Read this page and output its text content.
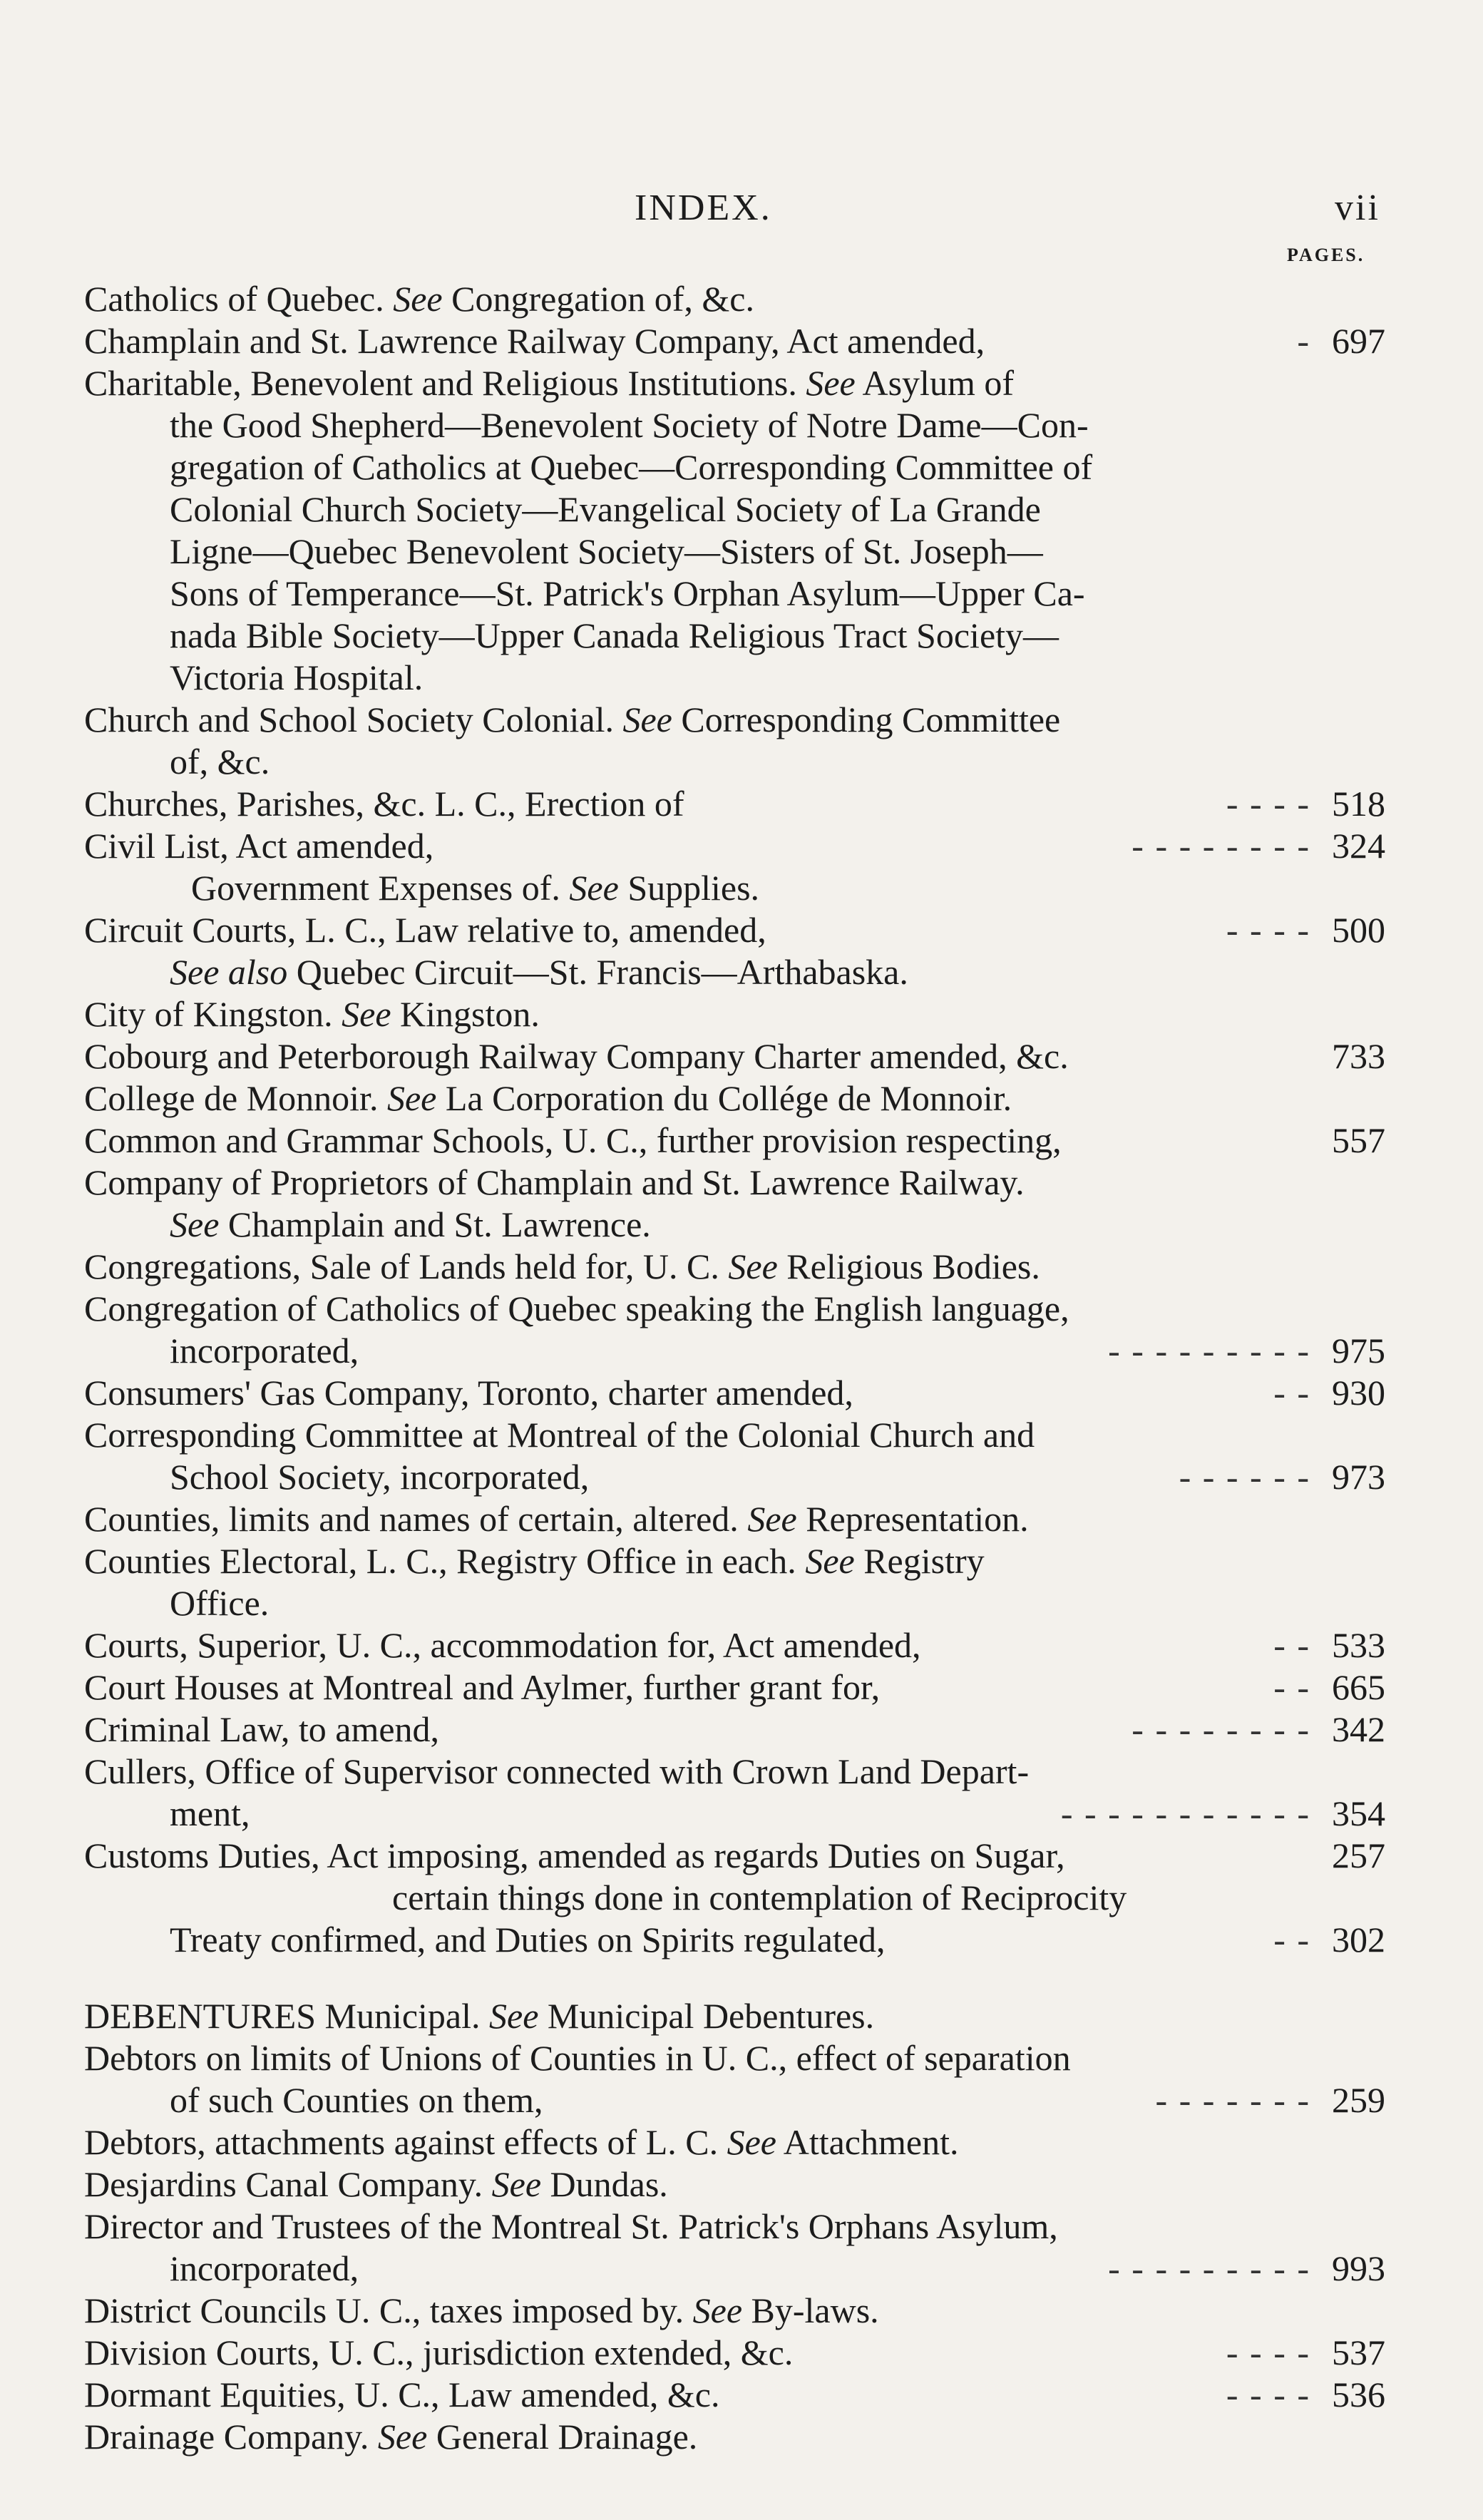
INDEX.	vii
PAGES.
Catholics of Quebec. See Congregation of, &c.
Champlain and St. Lawrence Railway Company, Act amended,	- 697
Charitable, Benevolent and Religious Institutions. See Asylum of
the Good Shepherd—Benevolent Society of Notre Dame—Con-
gregation of Catholics at Quebec—Corresponding Committee of
Colonial Church Society—Evangelical Society of La Grande
Ligne—Quebec Benevolent Society—Sisters of St. Joseph—
Sons of Temperance—St. Patrick's Orphan Asylum—Upper Ca-
nada Bible Society—Upper Canada Religious Tract Society—
Victoria Hospital.
Church and School Society Colonial. See Corresponding Committee
of, &c.
Churches, Parishes, &c. L. C., Erection of	- - - - 518
Civil List, Act amended,	- - - - - - - - 324
Government Expenses of. See Supplies.
Circuit Courts, L. C., Law relative to, amended,	- - - - 500
See also Quebec Circuit—St. Francis—Arthabaska.
City of Kingston. See Kingston.
Cobourg and Peterborough Railway Company Charter amended, &c.	733
College de Monnoir. See La Corporation du Collége de Monnoir.
Common and Grammar Schools, U. C., further provision respecting,	557
Company of Proprietors of Champlain and St. Lawrence Railway.
See Champlain and St. Lawrence.
Congregations, Sale of Lands held for, U. C. See Religious Bodies.
Congregation of Catholics of Quebec speaking the English language,
incorporated,	- - - - - - - - - 975
Consumers' Gas Company, Toronto, charter amended,	- - 930
Corresponding Committee at Montreal of the Colonial Church and
School Society, incorporated,	- - - - - - 973
Counties, limits and names of certain, altered. See Representation.
Counties Electoral, L. C., Registry Office in each. See Registry
Office.
Courts, Superior, U. C., accommodation for, Act amended,	- - 533
Court Houses at Montreal and Aylmer, further grant for,	- - 665
Criminal Law, to amend,	- - - - - - - - 342
Cullers, Office of Supervisor connected with Crown Land Depart-
ment,	- - - - - - - - - - - 354
Customs Duties, Act imposing, amended as regards Duties on Sugar,	257
certain things done in contemplation of Reciprocity
Treaty confirmed, and Duties on Spirits regulated,	- - 302
DEBENTURES Municipal. See Municipal Debentures.
Debtors on limits of Unions of Counties in U. C., effect of separation
of such Counties on them,	- - - - - - - 259
Debtors, attachments against effects of L. C. See Attachment.
Desjardins Canal Company. See Dundas.
Director and Trustees of the Montreal St. Patrick's Orphans Asylum,
incorporated,	- - - - - - - - - 993
District Councils U. C., taxes imposed by. See By-laws.
Division Courts, U. C., jurisdiction extended, &c.	- - - - 537
Dormant Equities, U. C., Law amended, &c.	- - - - 536
Drainage Company. See General Drainage.
